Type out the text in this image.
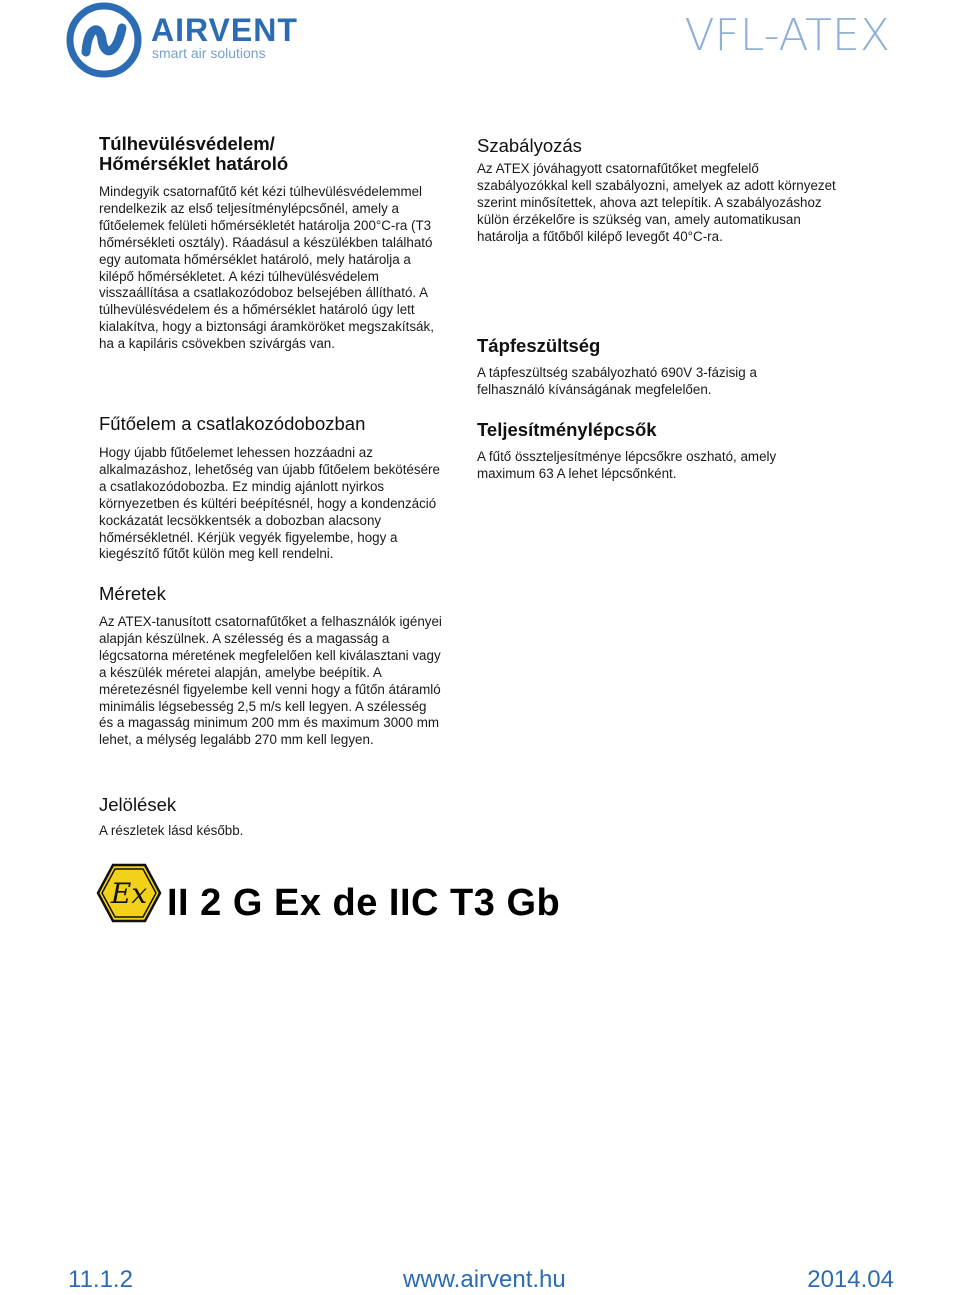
AIRVENT
smart air solutions	VFL-ATEX
Túlhevülésvédelem/
Hőmérséklet határoló

Mindegyik csatornafűtő két kézi túlhevülésvédelemmel rendelkezik az első teljesítménylépcsőnél, amely a fűtőelemek felületi hőmérsékletét határolja 200°C-ra (T3 hőmérsékleti osztály). Ráadásul a készülékben található egy automata hőmérséklet határoló, mely határolja a kilépő hőmérsékletet. A kézi túlhevülésvédelem visszaállítása a csatlakozódoboz belsejében állítható. A túlhevülésvédelem és a hőmérséklet határoló úgy lett kialakítva, hogy a biztonsági áramköröket megszakítsák, ha a kapiláris csövekben szivárgás van.

Fűtőelem a csatlakozódobozban

Hogy újabb fűtőelemet lehessen hozzáadni az alkalmazáshoz, lehetőség van újabb fűtőelem bekötésére a csatlakozódobozba. Ez mindig ajánlott nyirkos környezetben és kültéri beépítésnél, hogy a kondenzáció kockázatát lecsökkentsék a dobozban alacsony hőmérsékletnél. Kérjük vegyék figyelembe, hogy a kiegészítő fűtőt külön meg kell rendelni.

Méretek

Az ATEX-tanusított csatornafűtőket a felhasználók igényei alapján készülnek. A szélesség és a magasság a légcsatorna méretének megfelelően kell kiválasztani vagy a készülék méretei alapján, amelybe beépítik. A méretezésnél figyelembe kell venni hogy a fűtőn átáramló minimális légsebesség 2,5 m/s kell legyen. A szélesség és a magasság minimum 200 mm és maximum 3000 mm lehet, a mélység legalább 270 mm kell legyen.

Jelölések

A részletek lásd később.

Szabályozás

Az ATEX jóváhagyott csatornafűtőket megfelelő szabályozókkal kell szabályozni, amelyek az adott környezet szerint minősítettek, ahova azt telepítik. A szabályozáshoz külön érzékelőre is szükség van, amely automatikusan határolja a fűtőből kilépő levegőt 40°C-ra.

Tápfeszültség

A tápfeszültség szabályozható 690V 3-fázisig a felhasználó kívánságának megfelelően.

Teljesítménylépcsők

A fűtő összteljesítménye lépcsőkre oszható, amely maximum 63 A lehet lépcsőnként.

Ex II 2 G Ex de IIC T3 Gb
11.1.2	www.airvent.hu	2014.04
